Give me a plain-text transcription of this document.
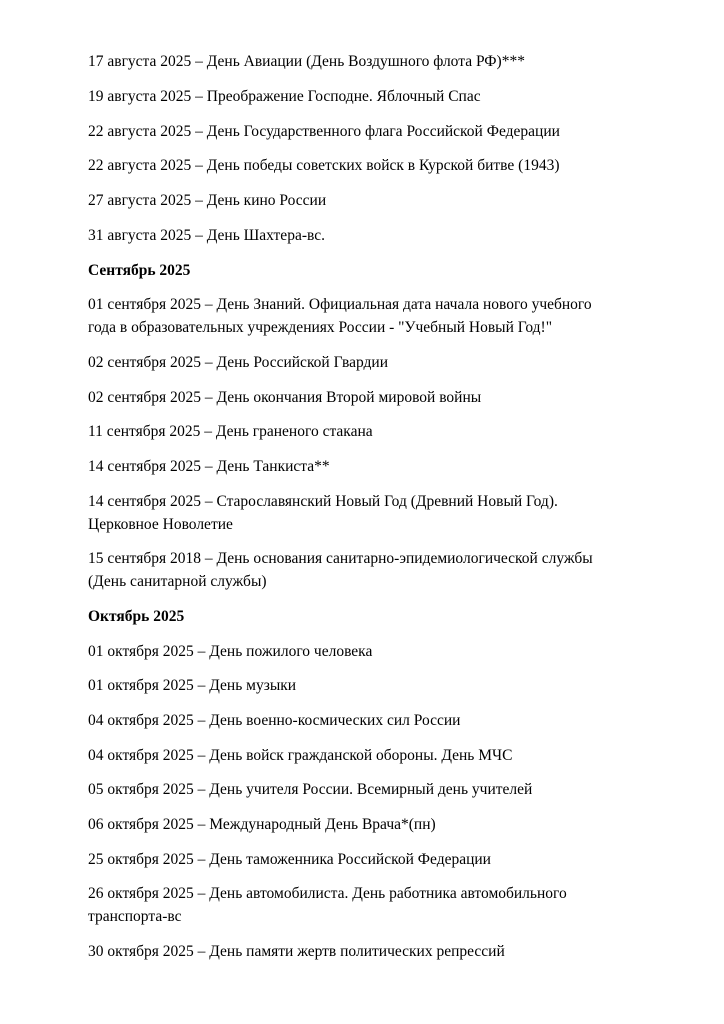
17 августа 2025 – День Авиации (День Воздушного флота РФ)***
19 августа 2025 – Преображение Господне. Яблочный Спас
22 августа 2025 – День Государственного флага Российской Федерации
22 августа 2025 – День победы советских войск в Курской битве (1943)
27 августа 2025 – День кино России
31 августа 2025 – День Шахтера-вс.
Сентябрь 2025
01 сентября 2025 – День Знаний. Официальная дата начала нового учебного
года в образовательных учреждениях России - "Учебный Новый Год!"
02 сентября 2025 – День Российской Гвардии
02 сентября 2025 – День окончания Второй мировой войны
11 сентября 2025 – День граненого стакана
14 сентября 2025 – День Танкиста**
14 сентября 2025 – Старославянский Новый Год (Древний Новый Год).
Церковное Новолетие
15 сентября 2018 – День основания санитарно-эпидемиологической службы
(День санитарной службы)
Октябрь 2025
01 октября 2025 – День пожилого человека
01 октября 2025 – День музыки
04 октября 2025 – День военно-космических сил России
04 октября 2025 – День войск гражданской обороны. День МЧС
05 октября 2025 – День учителя России. Всемирный день учителей
06 октября 2025 – Международный День Врача*(пн)
25 октября 2025 – День таможенника Российской Федерации
26 октября 2025 – День автомобилиста. День работника автомобильного
транспорта-вс
30 октября 2025 – День памяти жертв политических репрессий
